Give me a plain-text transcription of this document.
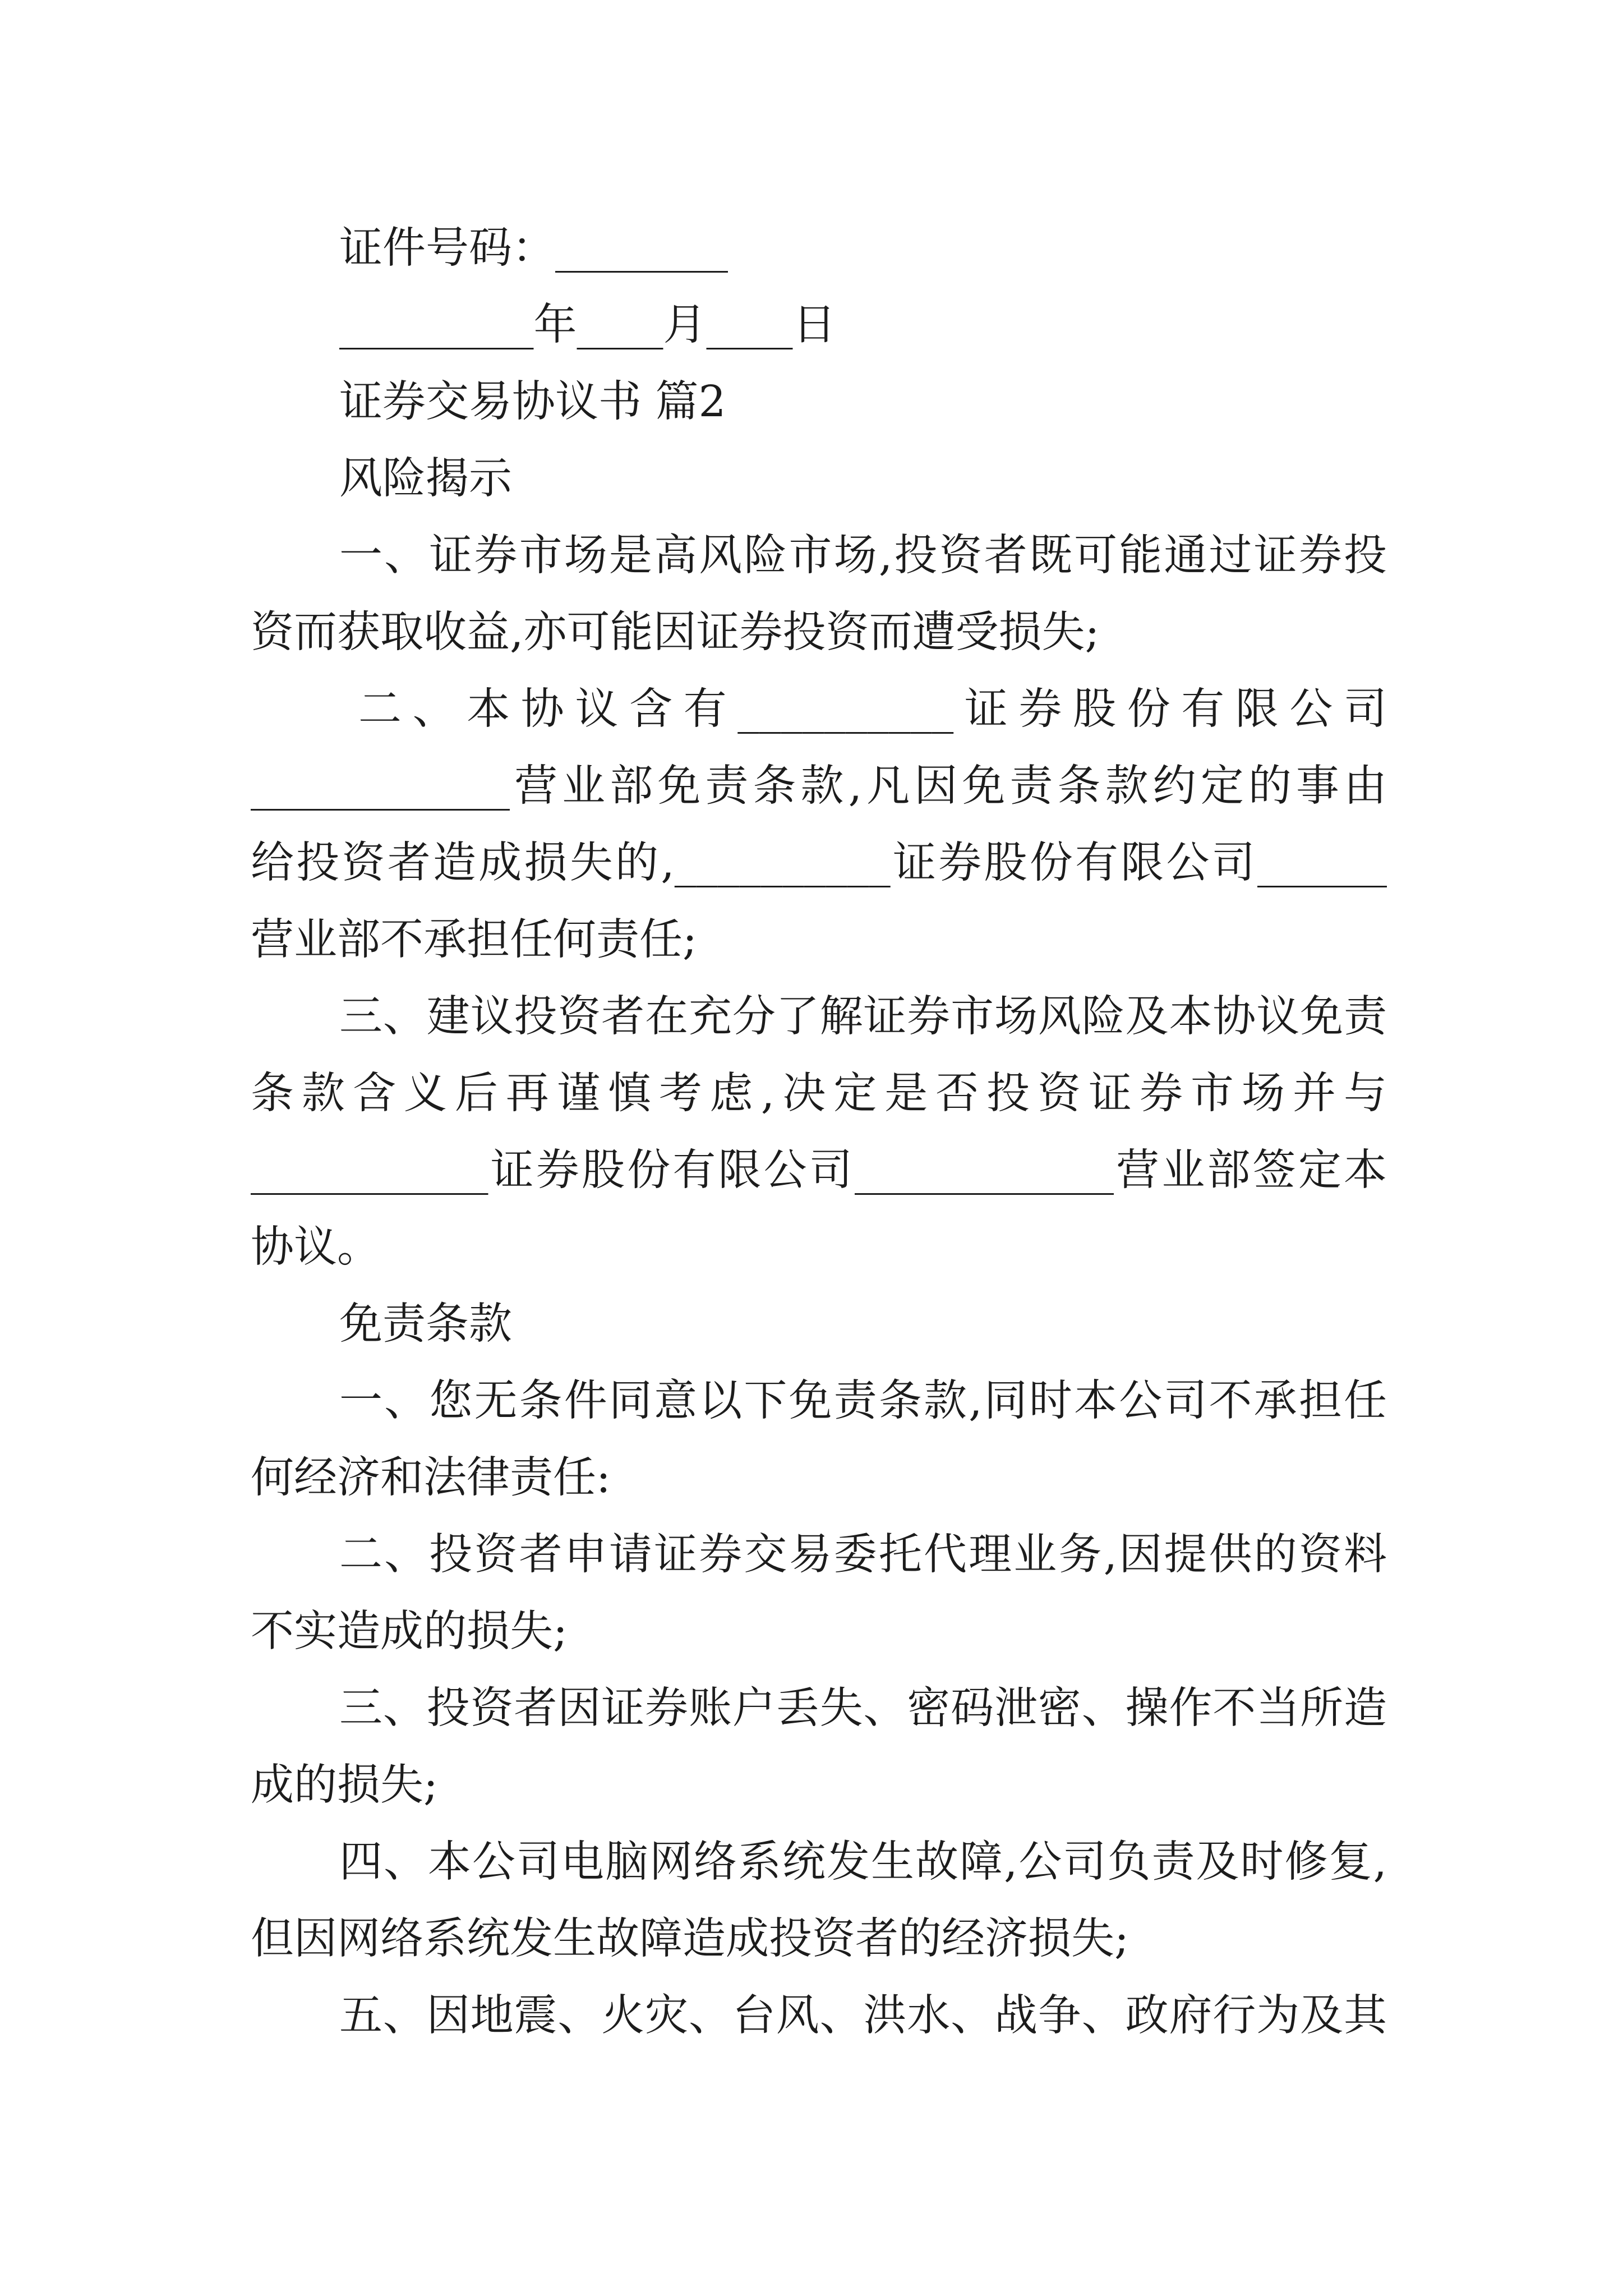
证件号码：________
_________年____月____日
证券交易协议书 篇2
风险揭示
一、证券市场是高风险市场,投资者既可能通过证券投
资而获取收益,亦可能因证券投资而遭受损失;
二、本协议含有__________证券股份有限公司
____________营业部免责条款,凡因免责条款约定的事由
给投资者造成损失的,__________证券股份有限公司______
营业部不承担任何责任;
三、建议投资者在充分了解证券市场风险及本协议免责
条款含义后再谨慎考虑,决定是否投资证券市场并与
___________证券股份有限公司____________营业部签定本
协议。
免责条款
一、您无条件同意以下免责条款,同时本公司不承担任
何经济和法律责任:
二、投资者申请证券交易委托代理业务,因提供的资料
不实造成的损失;
三、投资者因证券账户丢失、密码泄密、操作不当所造
成的损失;
四、本公司电脑网络系统发生故障,公司负责及时修复,
但因网络系统发生故障造成投资者的经济损失;
五、因地震、火灾、台风、洪水、战争、政府行为及其
